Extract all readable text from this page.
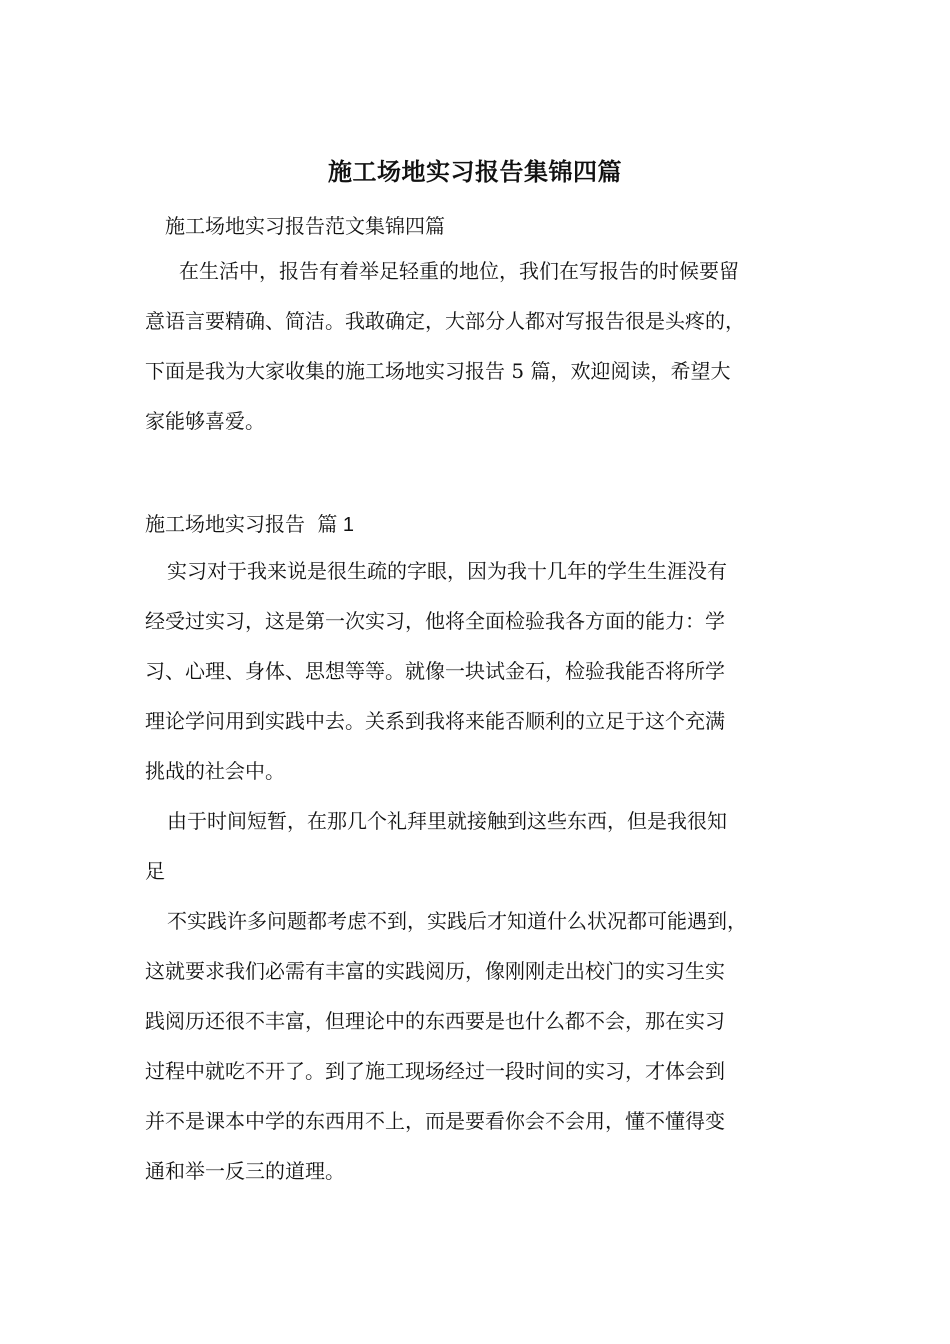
施工场地实习报告集锦四篇
施工场地实习报告范文集锦四篇
在生活中，报告有着举足轻重的地位，我们在写报告的时候要留
意语言要精确、简洁。我敢确定，大部分人都对写报告很是头疼的，
下面是我为大家收集的施工场地实习报告 5 篇，欢迎阅读，希望大
家能够喜爱。
施工场地实习报告 篇 1
实习对于我来说是很生疏的字眼，因为我十几年的学生生涯没有
经受过实习，这是第一次实习，他将全面检验我各方面的能力：学
习、心理、身体、思想等等。就像一块试金石，检验我能否将所学
理论学问用到实践中去。关系到我将来能否顺利的立足于这个充满
挑战的社会中。
由于时间短暂，在那几个礼拜里就接触到这些东西，但是我很知
足
不实践许多问题都考虑不到，实践后才知道什么状况都可能遇到，
这就要求我们必需有丰富的实践阅历，像刚刚走出校门的实习生实
践阅历还很不丰富，但理论中的东西要是也什么都不会，那在实习
过程中就吃不开了。到了施工现场经过一段时间的实习，才体会到
并不是课本中学的东西用不上，而是要看你会不会用，懂不懂得变
通和举一反三的道理。
